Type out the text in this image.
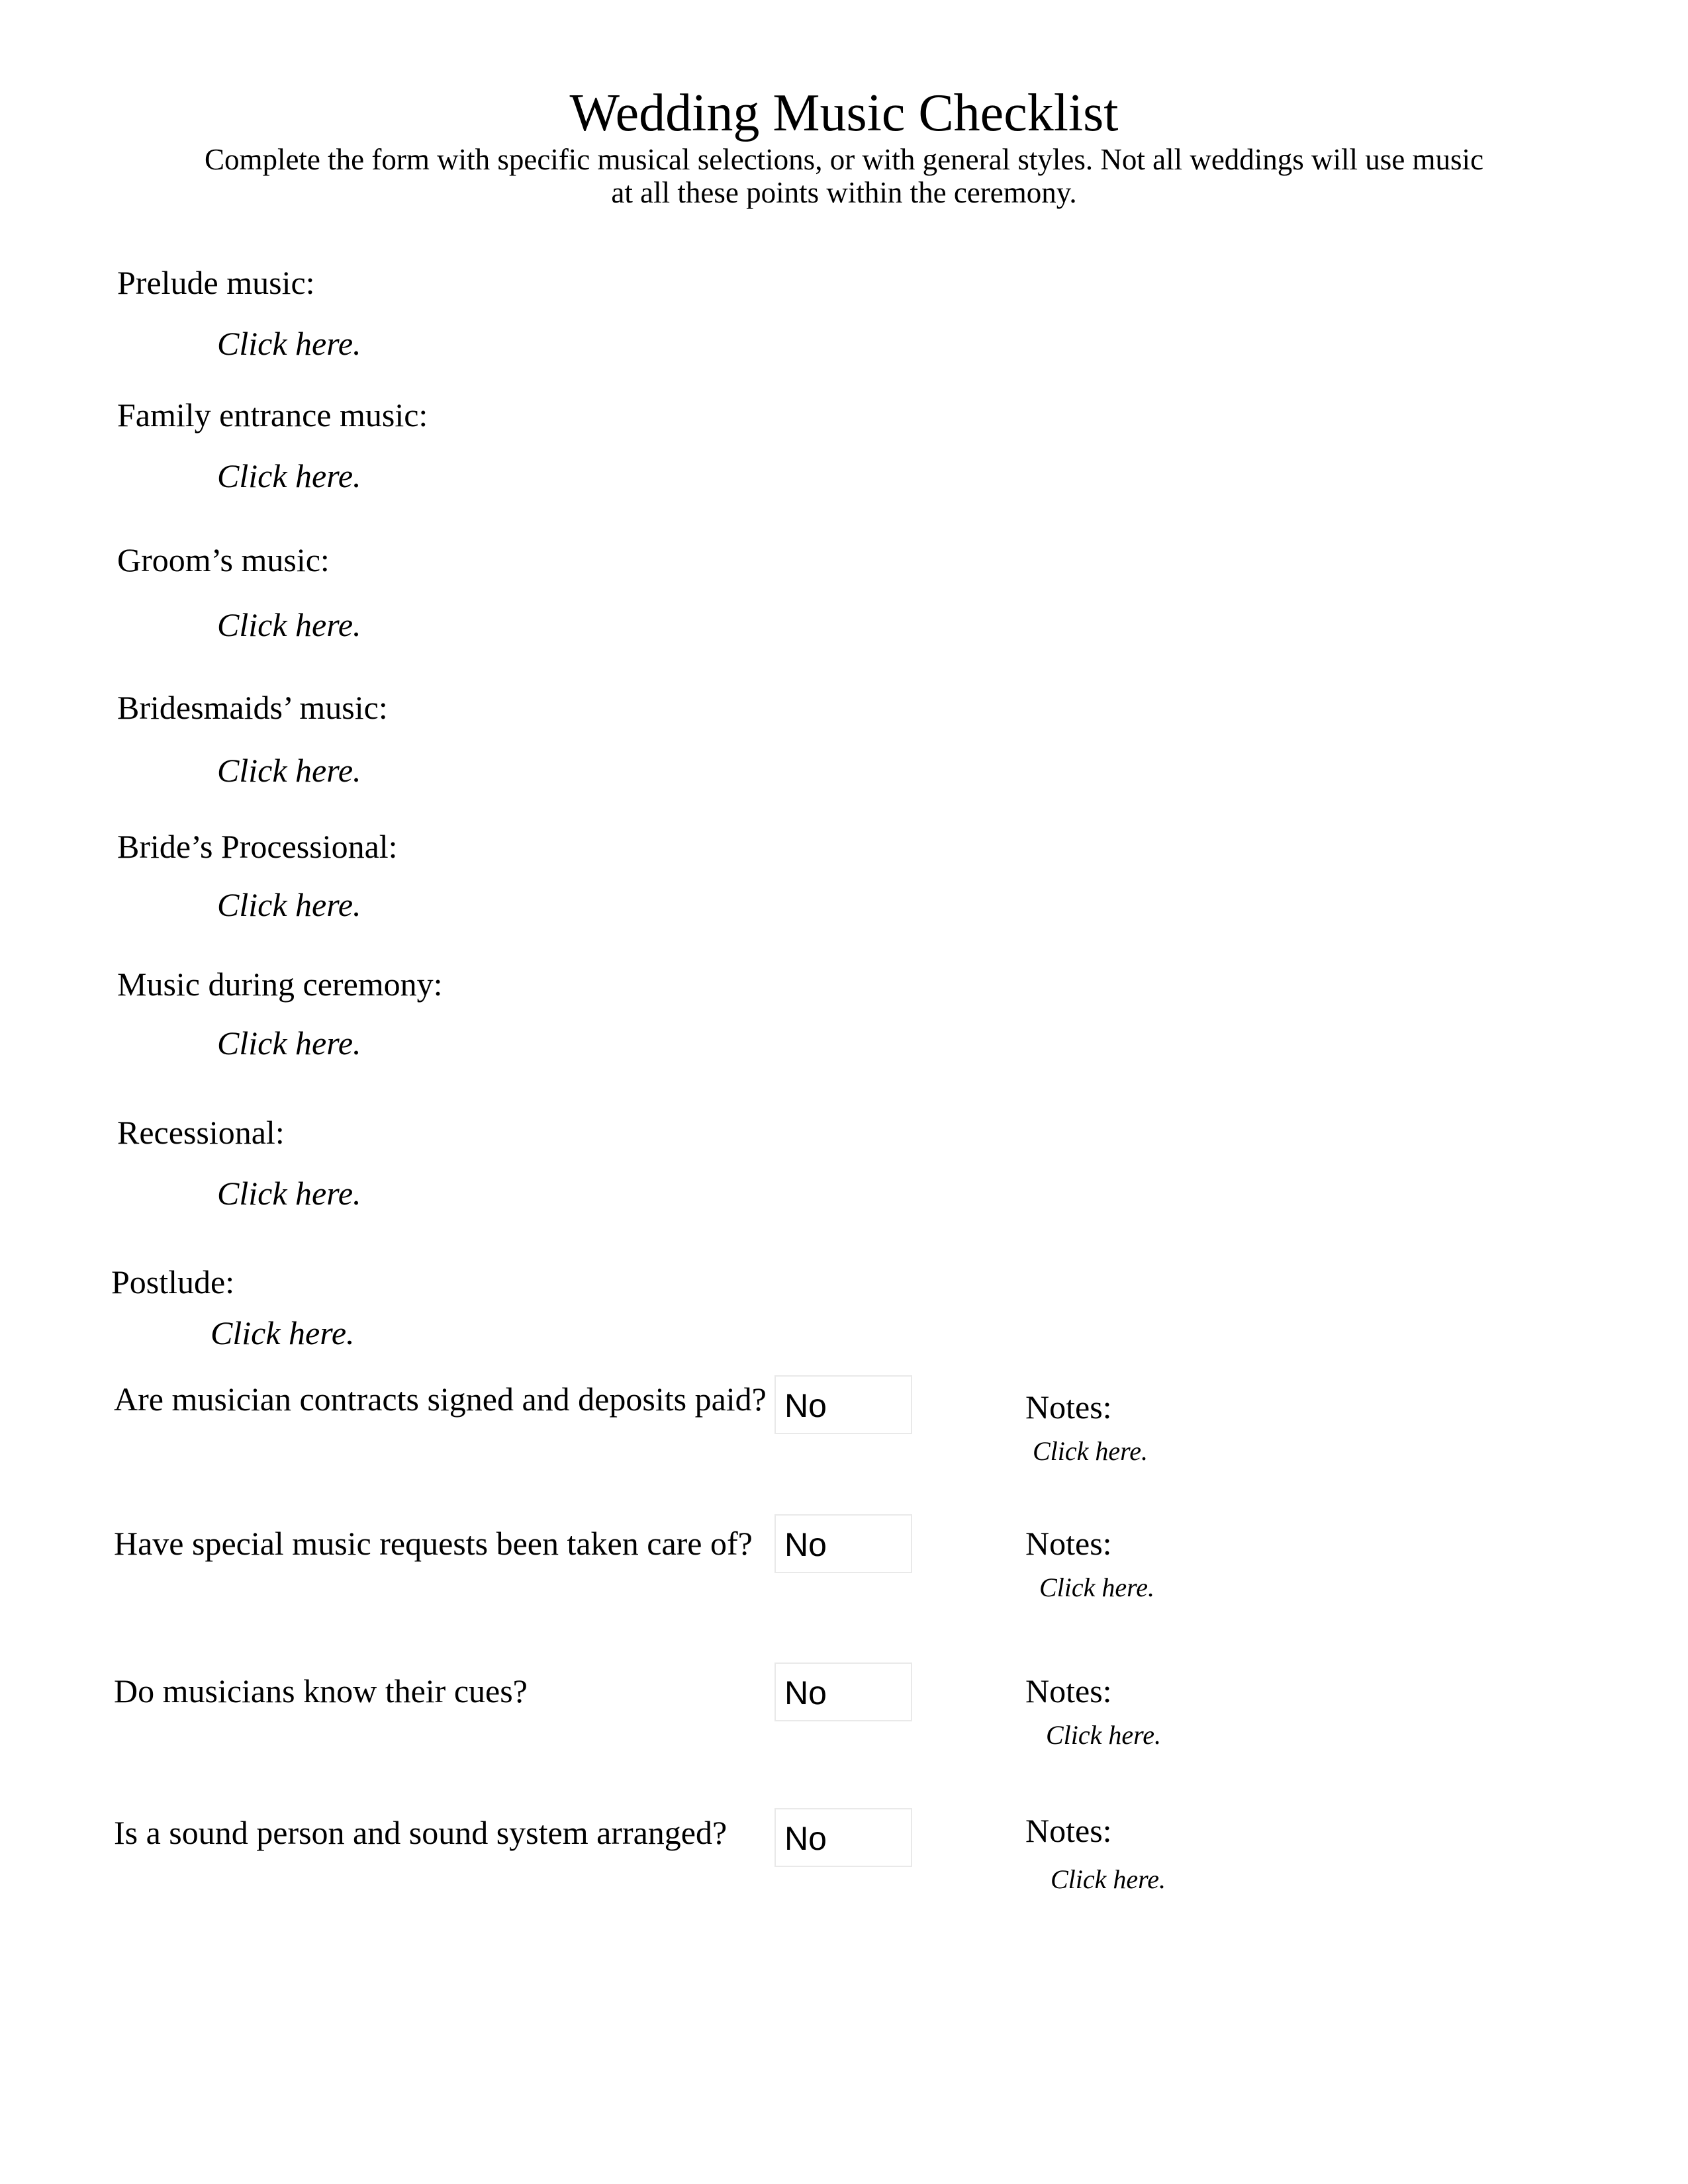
Wedding Music Checklist
Complete the form with specific musical selections, or with general styles. Not all weddings will use music at all these points within the ceremony.
Prelude music:
Click here.
Family entrance music:
Click here.
Groom’s music:
Click here.
Bridesmaids’ music:
Click here.
Bride’s Processional:
Click here.
Music during ceremony:
Click here.
Recessional:
Click here.
Postlude:
Click here.
Are musician contracts signed and deposits paid? No	Notes:
Click here.
Have special music requests been taken care of? No	Notes:
Click here.
Do musicians know their cues?	No	Notes:
Click here.
Is a sound person and sound system arranged?	No	Notes:
Click here.
